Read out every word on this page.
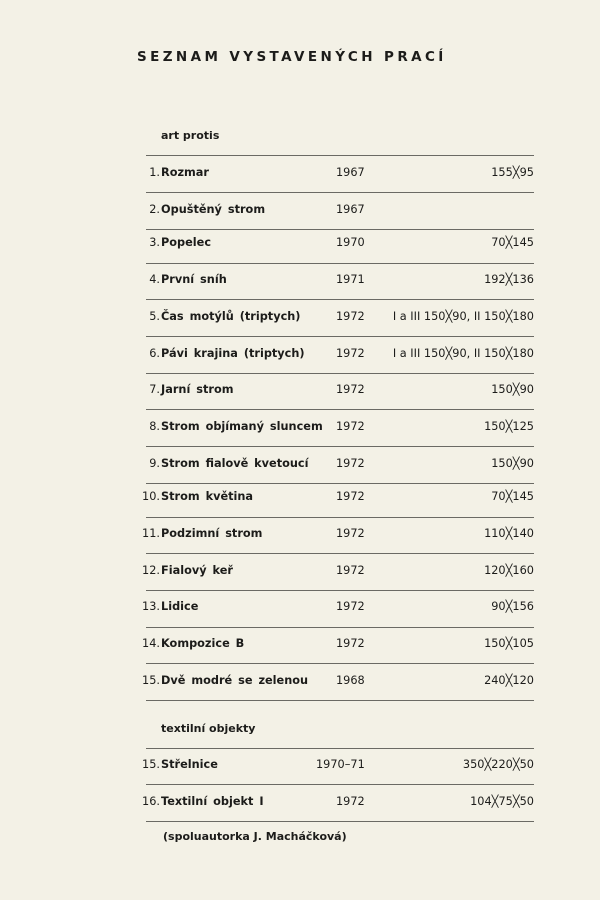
SEZNAM VYSTAVENÝCH PRACÍ
art protis
1. Rozmar	1967	155╳95
2. Opuštěný strom	1967
3. Popelec	1970	70╳145
4. První sníh	1971	192╳136
5. Čas motýlů (triptych)	1972 I a III 150╳90, II 150╳180
6. Pávi krajina (triptych)	1972 I a III 150╳90, II 150╳180
7. Jarní strom	1972	150╳90
8. Strom objímaný sluncem 1972	150╳125
9. Strom fialově kvetoucí 1972	150╳90
10. Strom květina	1972	70╳145
11. Podzimní strom	1972	110╳140
12. Fialový keř	1972	120╳160
13. Lidice	1972	90╳156
14. Kompozice B	1972	150╳105
15. Dvě modré se zelenou 1968	240╳120
textilní objekty
15. Střelnice	1970–71	350╳220╳50
16. Textilní objekt I	1972	104╳75╳50
(spoluautorka J. Macháčková)
